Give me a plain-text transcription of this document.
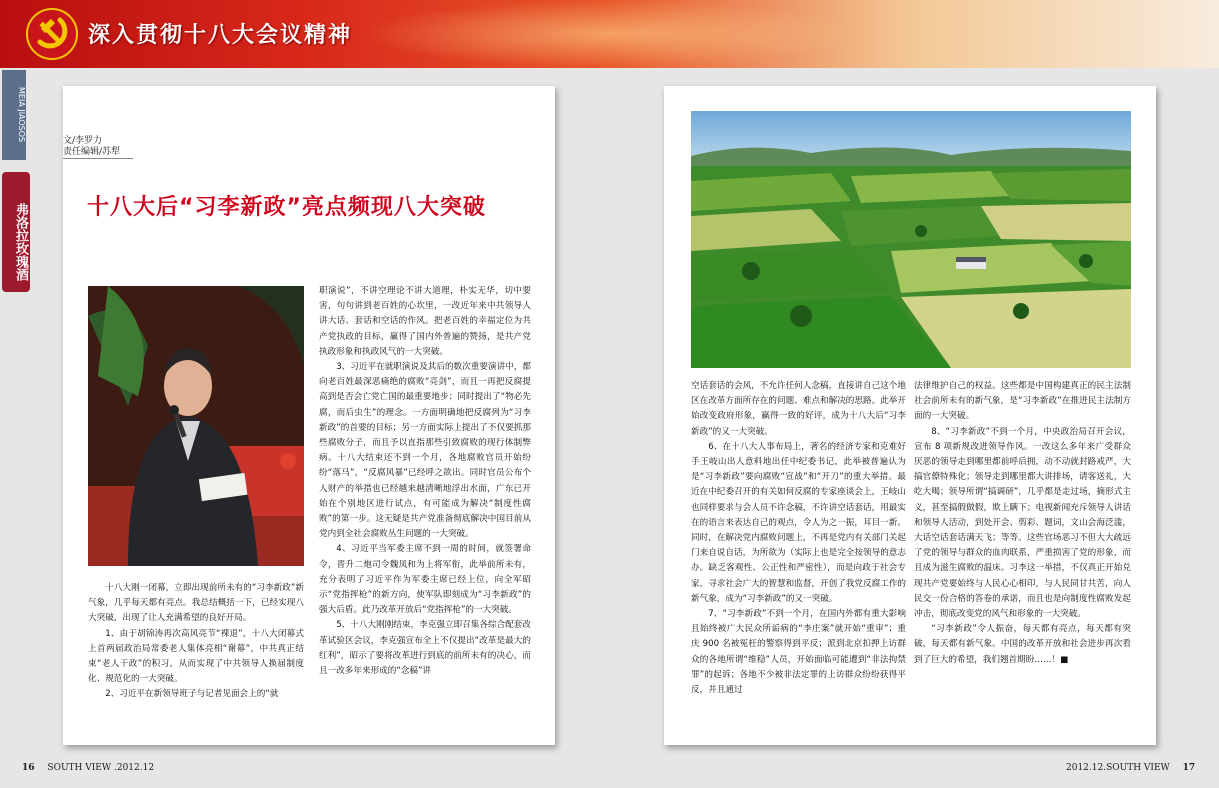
深入贯彻十八大会议精神
MEIA JIAOSOS
弗洛拉玫瑰酒
文/李罗力
责任编辑/苏犁
十八大后“习李新政”亮点频现八大突破

十八大刚一闭幕，立即出现前所未有的“习李新政”新气象，几乎每天都有亮点。我总结概括一下，已经实现八大突破，出现了让人充满希望的良好开局。

1、由于胡锦涛再次高风亮节“裸退”，十八大闭幕式上首两届政治局常委老人集体亮相“谢幕”，中共真正结束“老人干政”的积习，从而实现了中共领导人换届制度化、规范化的一大突破。

2、习近平在新领导班子与记者见面会上的“就

职演说”，不讲空理论不讲大道理，朴实无华，切中要害，句句讲到老百姓的心坎里，一改近年来中共领导人讲大话、套话和空话的作风。把老百姓的幸福定位为共产党执政的目标，赢得了国内外普遍的赞扬，是共产党执政形象和执政风气的一大突破。

3、习近平在就职演说及其后的数次重要演讲中，都向老百姓最深恶痛绝的腐败“亮剑”，而且一再把反腐提高到是否会亡党亡国的最重要地步；同时提出了“物必先腐，而后虫生”的理念。一方面明确地把反腐列为“习李新政”的首要的目标；另一方面实际上提出了不仅要抓那些腐败分子，而且予以直指那些引致腐败的现行体制弊病。十八大结束还不到一个月，各地腐败官员开始纷纷“落马”，“反腐风暴”已经呼之欲出。同时官员公布个人财产的举措也已经越来越清晰地浮出水面，广东已开始在个别地区进行试点，有可能成为解决“制度性腐败”的第一步。这无疑是共产党准备彻底解决中国目前从党内到全社会腐败丛生问题的一大突破。

4、习近平当军委主席不到一周的时间，就签署命令，晋升二炮司令魏凤和为上将军衔，此举前所未有，充分表明了习近平作为军委主席已经上位，向全军昭示“党指挥枪”的新方向，使军队即刻成为“习李新政”的强大后盾。此乃改革开放后“党指挥枪”的一大突破。

5、十八大刚刚结束，李克强立即召集各综合配套改革试验区会议，李克强宣布全上不仅提出“改革是最大的红利”，昭示了要将改革进行到底的前所未有的决心，而且一改多年来形成的“念稿”讲

空话套话的会风，不允许任何人念稿，直接讲自己这个地区在改革方面所存在的问题、难点和解决的思路。此举开始改变政府形象，赢得一致的好评，成为十八大后“习李新政”的又一大突破。

6、在十八大人事布局上，著名的经济专家和克难好手王岐山出人意料地出任中纪委书记，此举被普遍认为是“习李新政”要向腐败“宣战”和“开刀”的重大举措。最近在中纪委召开的有关如何反腐的专家座谈会上，王岐山也同样要求与会人员不许念稿，不许讲空话套话，用最实在的语言来表达自己的观点，令人为之一振，耳目一新。同时，在解决党内腐败问题上，不再是党内有关部门关起门来自说自话，为所欲为（实际上也是完全按领导的意志办。缺乏客观性、公正性和严密性），而是向政于社会专家，寻求社会广大的智慧和监督，开创了我党反腐工作的新气象，成为“习李新政”的又一突破。

7、“习李新政”不到一个月，在国内外都有重大影响且始终被广大民众所诟病的“李庄案”就开始“重审”；重庆 900 名被冤枉的警察得到平反；派到北京扣押上访群众的各地所谓“维稳”人员，开始面临可能遭到“非法拘禁罪”的起诉；各地不少被非法定罪的上访群众纷纷获得平反，并且通过

法律维护自己的权益。这些都是中国构建真正的民主法制社会前所未有的新气象，是“习李新政”在推进民主法制方面的一大突破。

8、“习李新政”不到一个月，中央政治局召开会议，宣布 8 项新规改进领导作风。一改这么多年来广受群众厌恶的领导走到哪里都前呼后拥，动不动就封路戒严，大搞官僚特殊化；领导走到哪里都大讲排场，请客送礼，大吃大喝；领导所谓“搞调研”，几乎都是走过场，摘形式主义，甚至搞假做假，欺上瞒下；电视新闻充斥领导人讲话和领导人活动，到处开会、剪彩、题词，文山会海泛滥，大话空话套话满天飞；等等。这些官场恶习不但大大疏远了党的领导与群众的血肉联系，严重损害了党的形象，而且成为滋生腐败的温床。习李这一举措，不仅真正开始兑现共产党要始终与人民心心相印，与人民同甘共苦，向人民交一份合格的答卷的承诺，而且也是向制度性腐败发起冲击，彻底改变党的风气和形象的一大突破。

“习李新政”令人振奋，每天都有亮点，每天都有突破，每天都有新气象。中国的改革开放和社会进步再次看到了巨大的希望，我们翘首期盼……！■

16 SOUTH VIEW .2012.12	2012.12.SOUTH VIEW 17
